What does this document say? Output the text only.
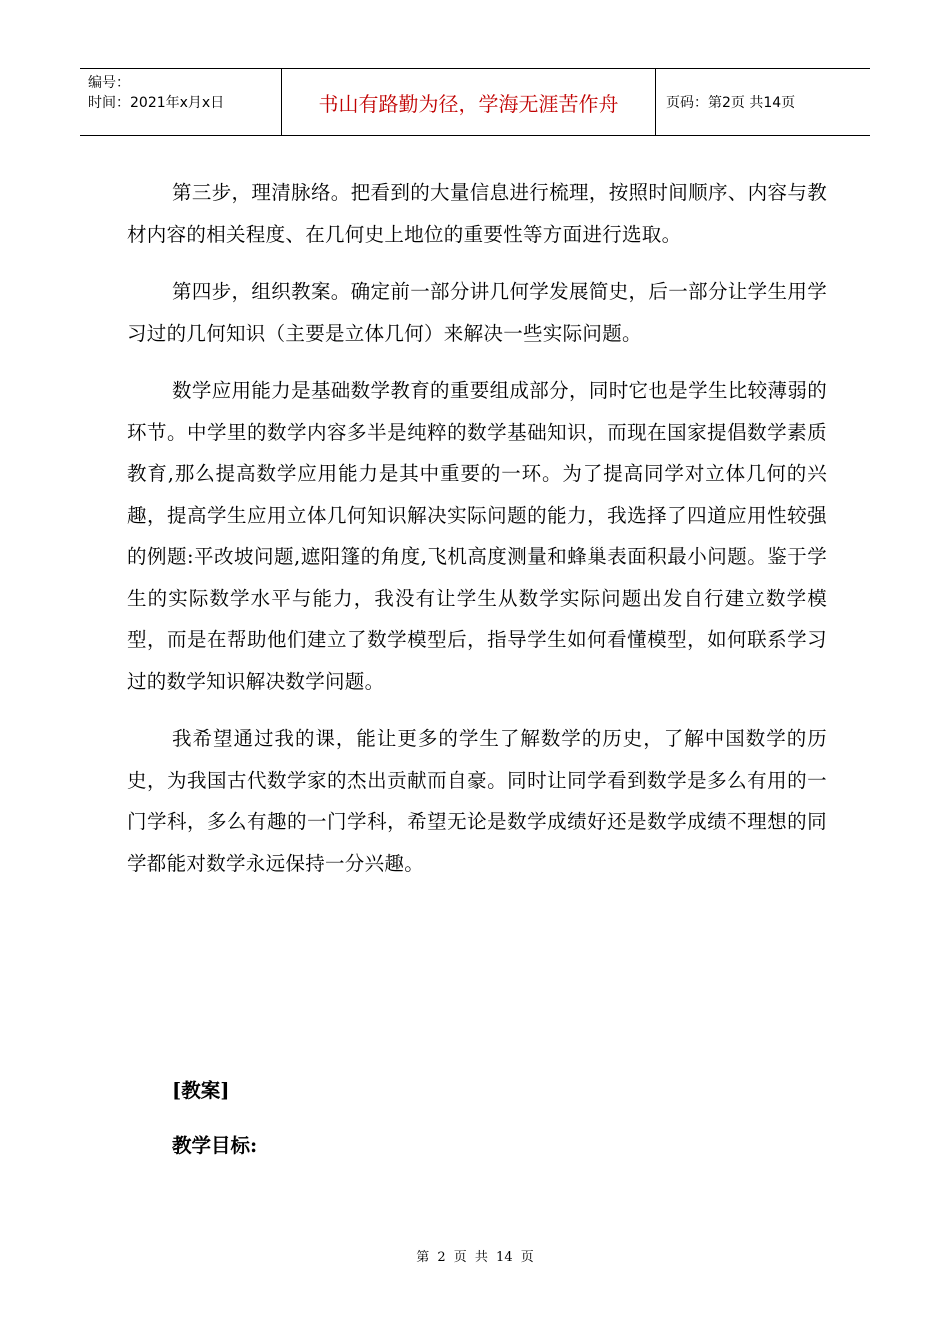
编号：
时间：2021年x月x日	书山有路勤为径，学海无涯苦作舟	页码：第2页 共14页

第三步，理清脉络。把看到的大量信息进行梳理，按照时间顺序、内容与教材内容的相关程度、在几何史上地位的重要性等方面进行选取。

第四步，组织教案。确定前一部分讲几何学发展简史，后一部分让学生用学习过的几何知识（主要是立体几何）来解决一些实际问题。

数学应用能力是基础数学教育的重要组成部分，同时它也是学生比较薄弱的环节。中学里的数学内容多半是纯粹的数学基础知识，而现在国家提倡数学素质教育,那么提高数学应用能力是其中重要的一环。为了提高同学对立体几何的兴趣，提高学生应用立体几何知识解决实际问题的能力，我选择了四道应用性较强的例题:平改坡问题,遮阳篷的角度,飞机高度测量和蜂巢表面积最小问题。鉴于学生的实际数学水平与能力，我没有让学生从数学实际问题出发自行建立数学模型，而是在帮助他们建立了数学模型后，指导学生如何看懂模型，如何联系学习过的数学知识解决数学问题。

我希望通过我的课，能让更多的学生了解数学的历史，了解中国数学的历史，为我国古代数学家的杰出贡献而自豪。同时让同学看到数学是多么有用的一门学科，多么有趣的一门学科，希望无论是数学成绩好还是数学成绩不理想的同学都能对数学永远保持一分兴趣。

[教案]
教学目标:
第 2 页 共 14 页
